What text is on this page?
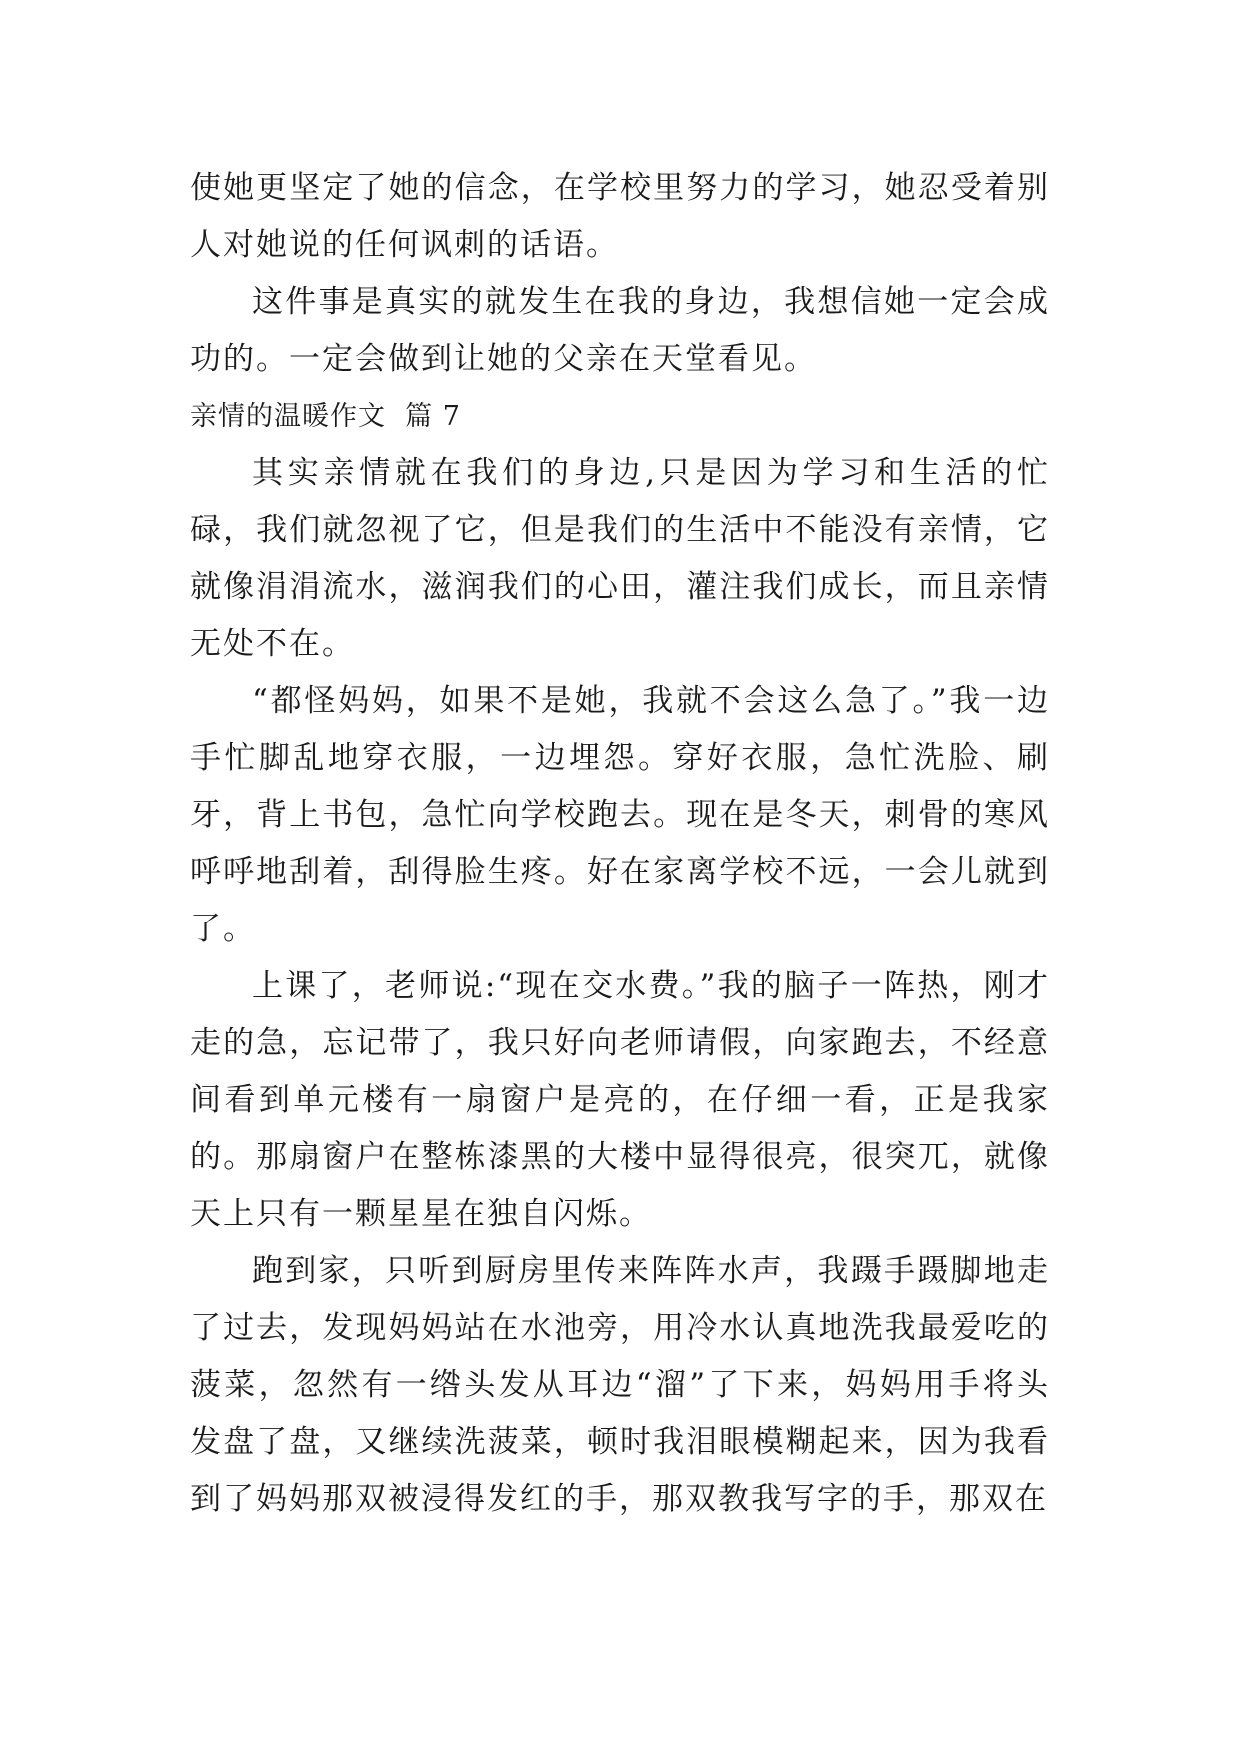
使她更坚定了她的信念，在学校里努力的学习，她忍受着别人对她说的任何讽刺的话语。

这件事是真实的就发生在我的身边，我想信她一定会成功的。一定会做到让她的父亲在天堂看见。

亲情的温暖作文  篇 7

其实亲情就在我们的身边,只是因为学习和生活的忙碌，我们就忽视了它，但是我们的生活中不能没有亲情，它就像涓涓流水，滋润我们的心田，灌注我们成长，而且亲情无处不在。

“都怪妈妈，如果不是她，我就不会这么急了。”我一边手忙脚乱地穿衣服，一边埋怨。穿好衣服，急忙洗脸、刷牙，背上书包，急忙向学校跑去。现在是冬天，刺骨的寒风呼呼地刮着，刮得脸生疼。好在家离学校不远，一会儿就到了。

上课了，老师说:“现在交水费。”我的脑子一阵热，刚才走的急，忘记带了，我只好向老师请假，向家跑去，不经意间看到单元楼有一扇窗户是亮的，在仔细一看，正是我家的。那扇窗户在整栋漆黑的大楼中显得很亮，很突兀，就像天上只有一颗星星在独自闪烁。

跑到家，只听到厨房里传来阵阵水声，我蹑手蹑脚地走了过去，发现妈妈站在水池旁，用冷水认真地洗我最爱吃的菠菜，忽然有一绺头发从耳边“溜”了下来，妈妈用手将头发盘了盘，又继续洗菠菜，顿时我泪眼模糊起来，因为我看到了妈妈那双被浸得发红的手，那双教我写字的手，那双在
